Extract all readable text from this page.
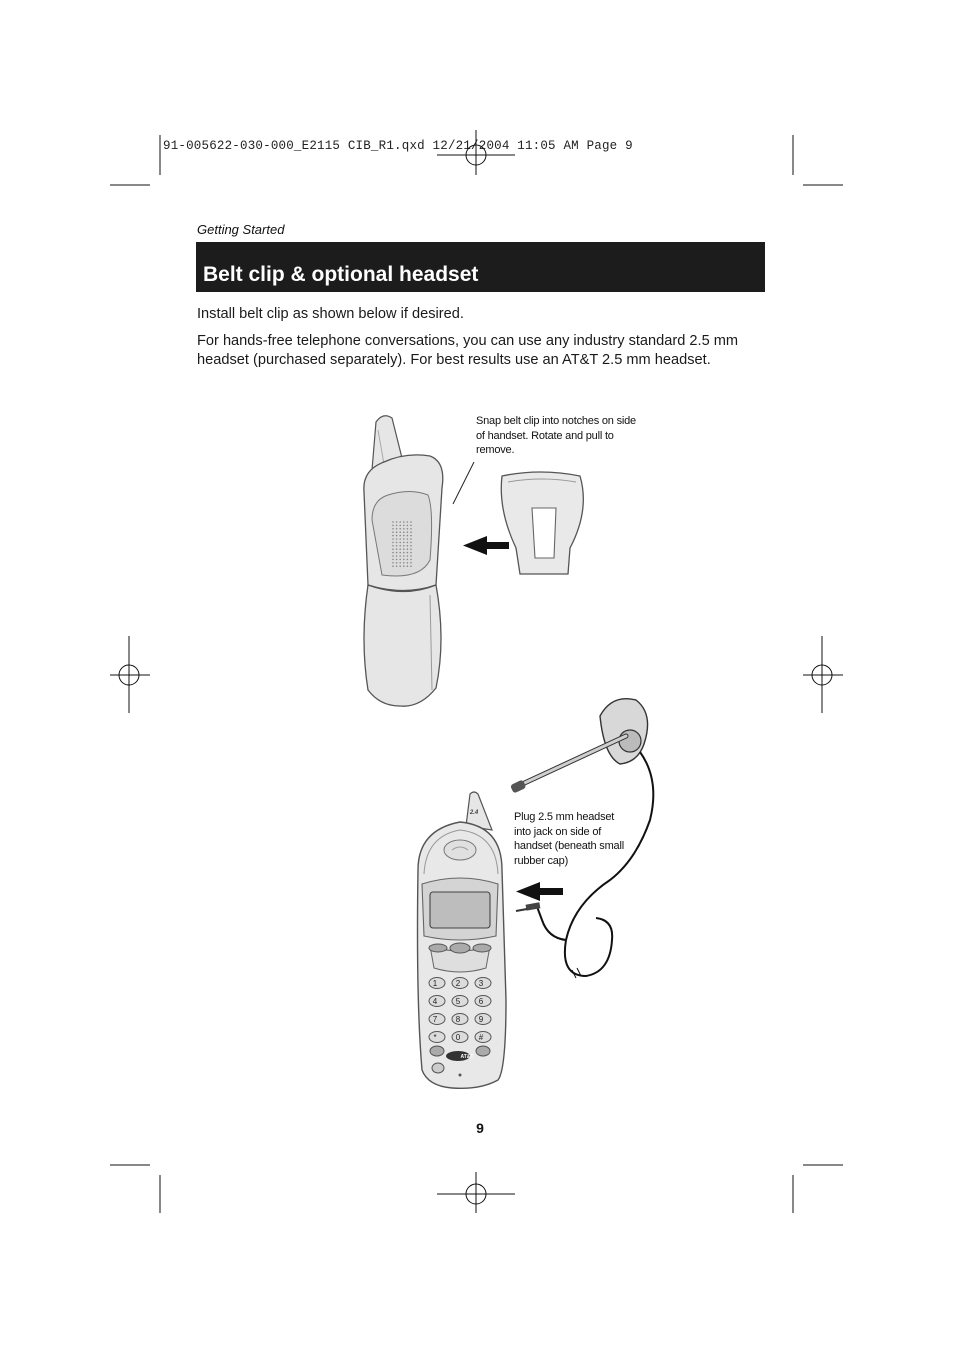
91-005622-030-000_E2115 CIB_R1.qxd 12/21/2004 11:05 AM Page 9
Getting Started
Belt clip & optional headset
Install belt clip as shown below if desired.
For hands-free telephone conversations, you can use any industry standard 2.5 mm headset (purchased separately). For best results use an AT&T 2.5 mm headset.
Snap belt clip into notches on side of handset. Rotate and pull to remove.
Plug 2.5 mm headset into jack on side of handset (beneath small rubber cap)
9
1 2 3
4 5 6
7 8 9
* 0 #
2.4
AT&T
